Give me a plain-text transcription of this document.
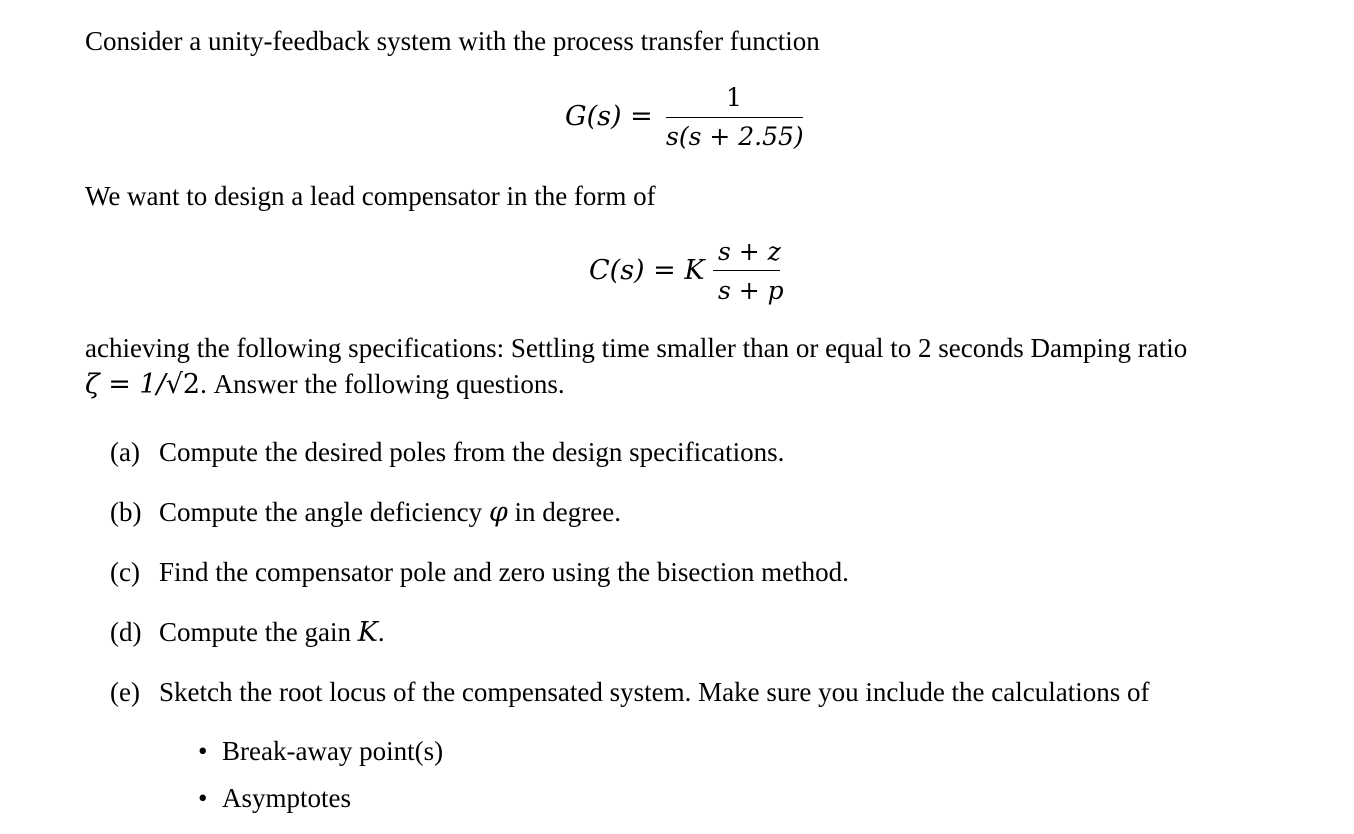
Consider a unity-feedback system with the process transfer function
G(s) =
1
s(s + 2.55)
We want to design a lead compensator in the form of
C(s) = K
s + z
s + p
achieving the following specifications: Settling time smaller than or equal to 2 seconds Damping ratio
ζ = 1/√2. Answer the following questions.
(a) Compute the desired poles from the design specifications.
(b) Compute the angle deficiency φ in degree.
(c) Find the compensator pole and zero using the bisection method.
(d) Compute the gain K.
(e) Sketch the root locus of the compensated system. Make sure you include the calculations of
• Break-away point(s)
• Asymptotes
